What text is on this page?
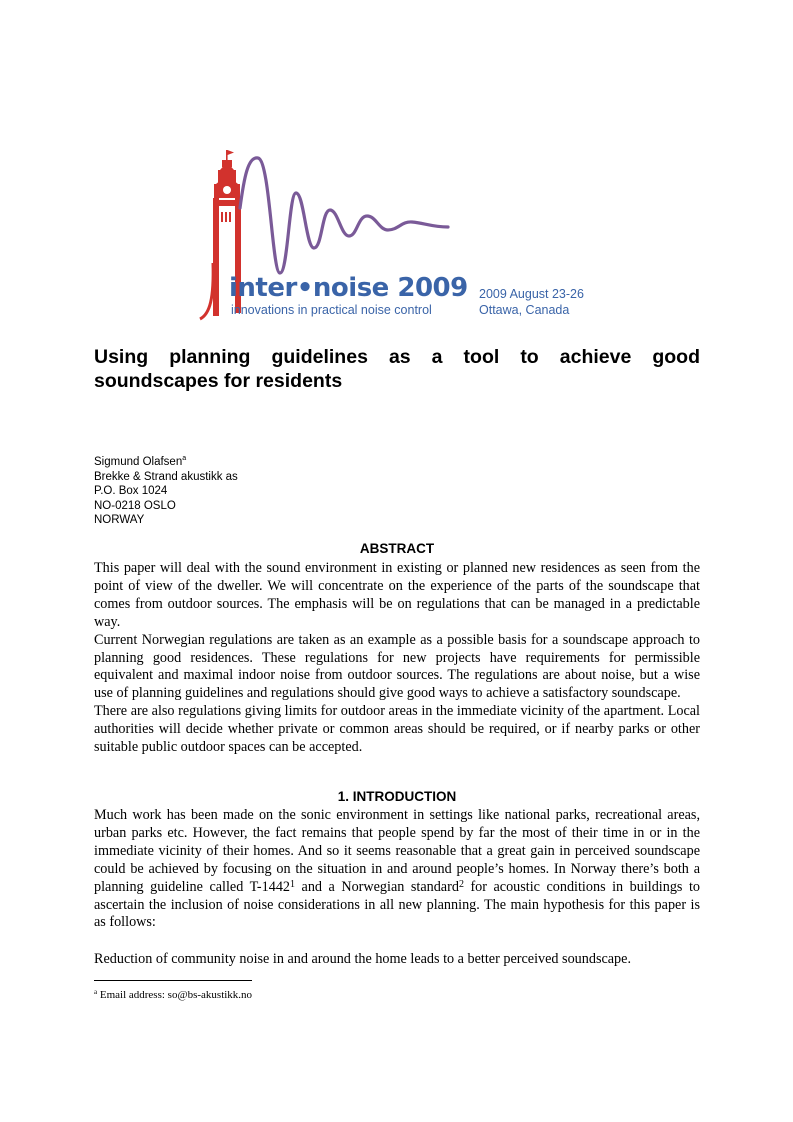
inter•noise 2009
innovations in practical noise control
2009 August 23-26
Ottawa, Canada
Using planning guidelines as a tool to achieve good soundscapes for residents
Sigmund Olafsen$^a$
Brekke & Strand akustikk as
P.O. Box 1024
NO-0218 OSLO
NORWAY
ABSTRACT

This paper will deal with the sound environment in existing or planned new residences as seen from the point of view of the dweller. We will concentrate on the experience of the parts of the soundscape that comes from outdoor sources. The emphasis will be on regulations that can be managed in a predictable way.

Current Norwegian regulations are taken as an example as a possible basis for a soundscape approach to planning good residences. These regulations for new projects have requirements for permissible equivalent and maximal indoor noise from outdoor sources. The regulations are about noise, but a wise use of planning guidelines and regulations should give good ways to achieve a satisfactory soundscape.

There are also regulations giving limits for outdoor areas in the immediate vicinity of the apartment. Local authorities will decide whether private or common areas should be required, or if nearby parks or other suitable public outdoor spaces can be accepted.

1. INTRODUCTION

Much work has been made on the sonic environment in settings like national parks, recreational areas, urban parks etc. However, the fact remains that people spend by far the most of their time in or in the immediate vicinity of their homes. And so it seems reasonable that a great gain in perceived soundscape could be achieved by focusing on the situation in and around people’s homes. In Norway there’s both a planning guideline called T-1442$^1$ and a Norwegian standard$^2$ for acoustic conditions in buildings to ascertain the inclusion of noise considerations in all new planning. The main hypothesis for this paper is as follows:

Reduction of community noise in and around the home leads to a better perceived soundscape.

$^a$ Email address: so@bs-akustikk.no
